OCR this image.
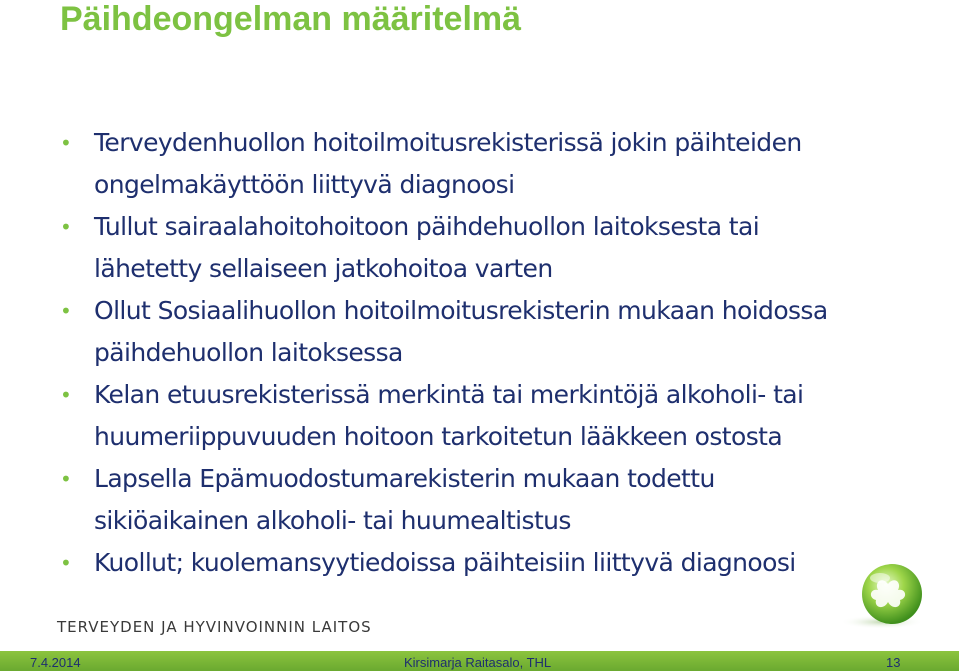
Päihdeongelman määritelmä
• Terveydenhuollon hoitoilmoitusrekisterissä jokin päihteiden
ongelmakäyttöön liittyvä diagnoosi
• Tullut sairaalahoitohoitoon päihdehuollon laitoksesta tai
lähetetty sellaiseen jatkohoitoa varten
• Ollut Sosiaalihuollon hoitoilmoitusrekisterin mukaan hoidossa
päihdehuollon laitoksessa
• Kelan etuusrekisterissä merkintä tai merkintöjä alkoholi- tai
huumeriippuvuuden hoitoon tarkoitetun lääkkeen ostosta
• Lapsella Epämuodostumarekisterin mukaan todettu
sikiöaikainen alkoholi- tai huumealtistus
• Kuollut; kuolemansyytiedoissa päihteisiin liittyvä diagnoosi
TERVEYDEN JA HYVINVOINNIN LAITOS
7.4.2014	Kirsimarja Raitasalo, THL	13
